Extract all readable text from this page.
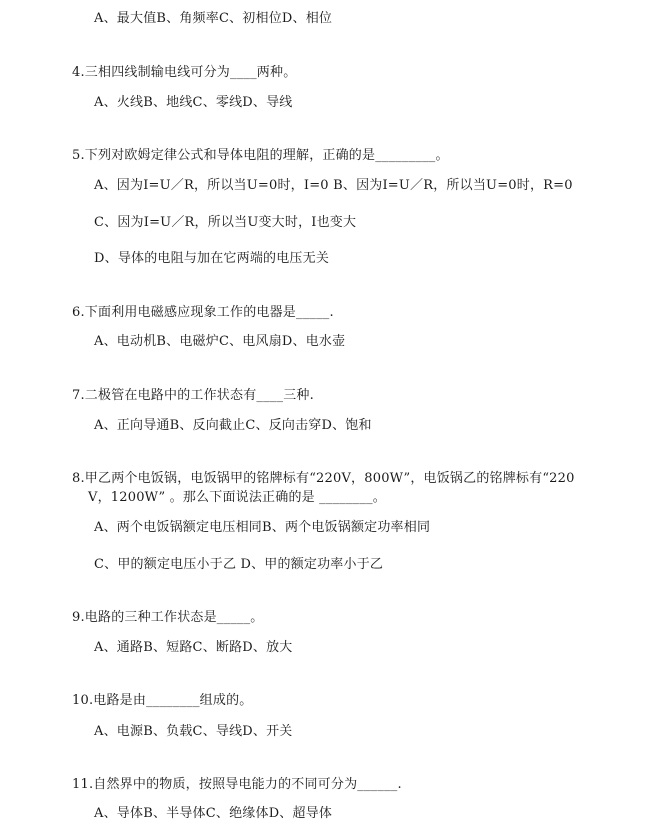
A、最大值B、角频率C、初相位D、相位
4.三相四线制输电线可分为____两种。
A、火线B、地线C、零线D、导线
5.下列对欧姆定律公式和导体电阻的理解，正确的是_________。
A、因为I=U／R，所以当U=0时，I=0 B、因为I=U／R，所以当U=0时，R=0
C、因为I=U／R，所以当U变大时，I也变大
D、导体的电阻与加在它两端的电压无关
6.下面利用电磁感应现象工作的电器是_____.
A、电动机B、电磁炉C、电风扇D、电水壶
7.二极管在电路中的工作状态有____三种.
A、正向导通B、反向截止C、反向击穿D、饱和
8.甲乙两个电饭锅，电饭锅甲的铭牌标有“220V，800W”，电饭锅乙的铭牌标有“220
V，1200W” 。那么下面说法正确的是 ________。
A、两个电饭锅额定电压相同B、两个电饭锅额定功率相同
C、甲的额定电压小于乙 D、甲的额定功率小于乙
9.电路的三种工作状态是_____。
A、通路B、短路C、断路D、放大
10.电路是由________组成的。
A、电源B、负载C、导线D、开关
11.自然界中的物质，按照导电能力的不同可分为______.
A、导体B、半导体C、绝缘体D、超导体
